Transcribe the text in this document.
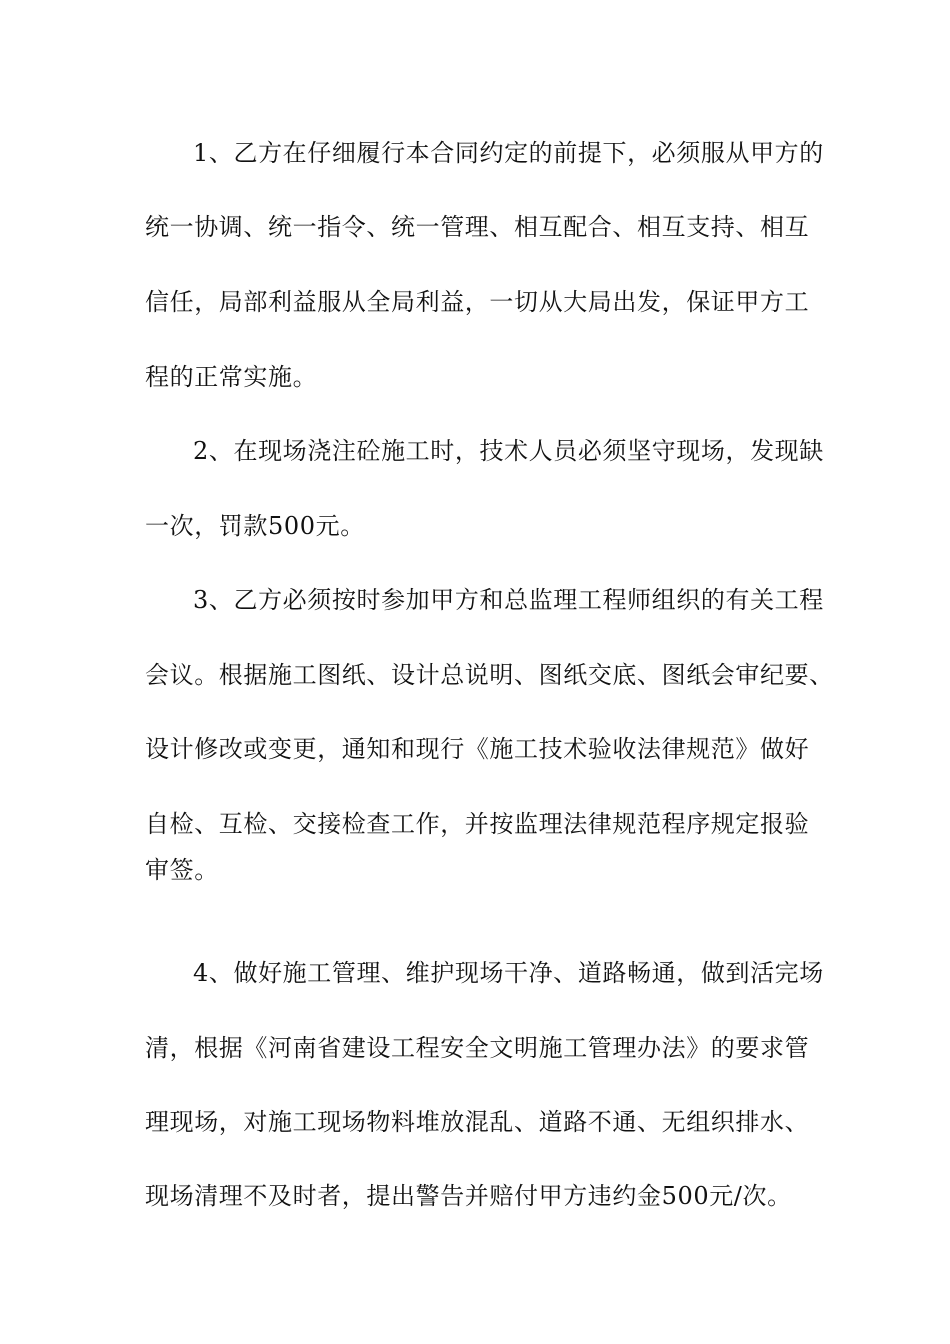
1、乙方在仔细履行本合同约定的前提下，必须服从甲方的
统一协调、统一指令、统一管理、相互配合、相互支持、相互
信任，局部利益服从全局利益，一切从大局出发，保证甲方工
程的正常实施。
2、在现场浇注砼施工时，技术人员必须坚守现场，发现缺
一次，罚款500元。
3、乙方必须按时参加甲方和总监理工程师组织的有关工程
会议。根据施工图纸、设计总说明、图纸交底、图纸会审纪要、
设计修改或变更，通知和现行《施工技术验收法律规范》做好
自检、互检、交接检查工作，并按监理法律规范程序规定报验
审签。
4、做好施工管理、维护现场干净、道路畅通，做到活完场
清，根据《河南省建设工程安全文明施工管理办法》的要求管
理现场，对施工现场物料堆放混乱、道路不通、无组织排水、
现场清理不及时者，提出警告并赔付甲方违约金500元/次。
